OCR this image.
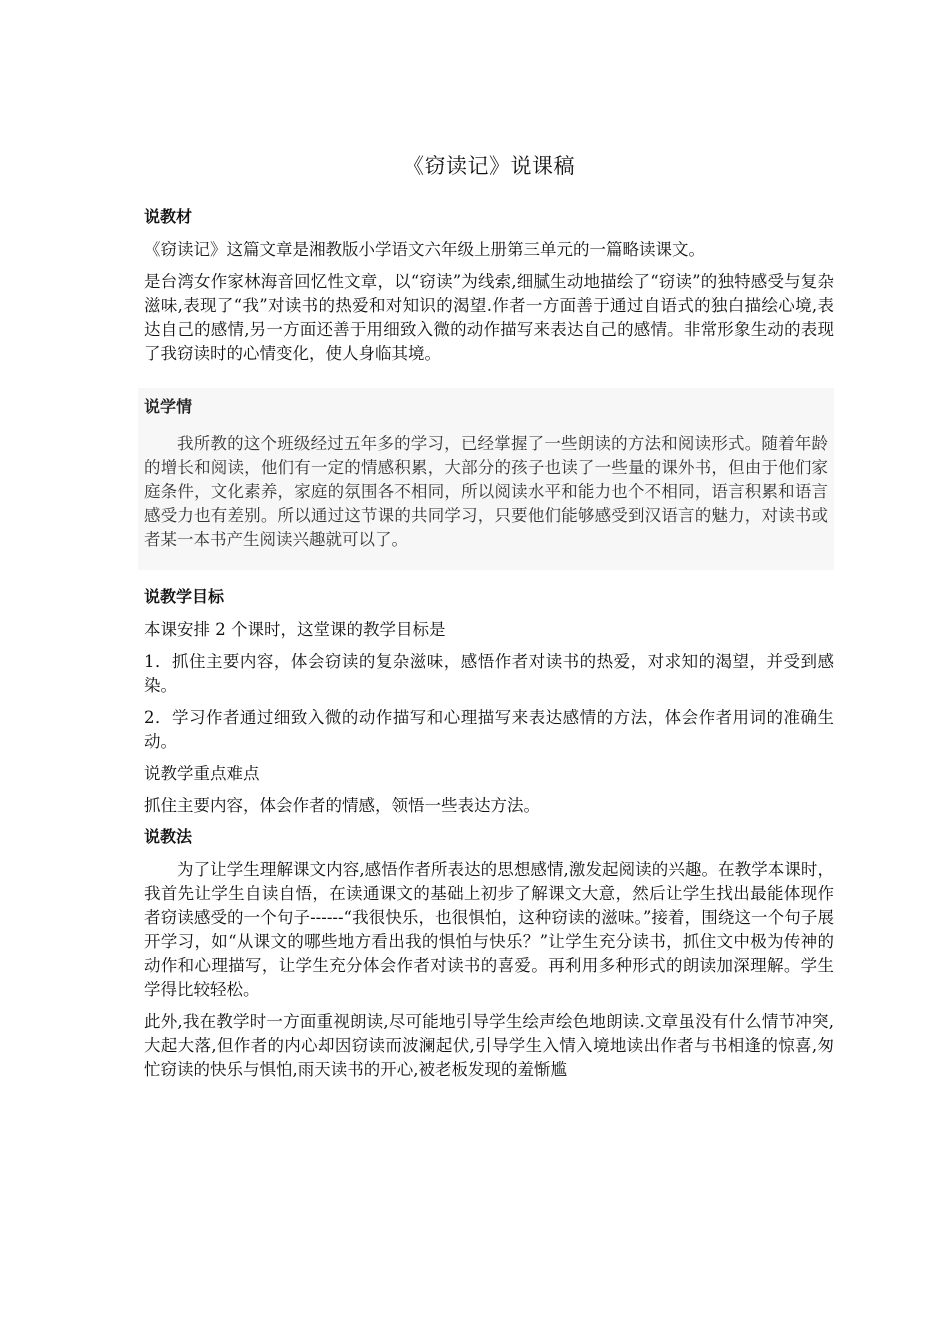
《窃读记》说课稿
说教材

《窃读记》这篇文章是湘教版小学语文六年级上册第三单元的一篇略读课文。

是台湾女作家林海音回忆性文章，以“窃读”为线索,细腻生动地描绘了“窃读”的独特感受与复杂滋味,表现了“我”对读书的热爱和对知识的渴望.作者一方面善于通过自语式的独白描绘心境,表达自己的感情,另一方面还善于用细致入微的动作描写来表达自己的感情。非常形象生动的表现了我窃读时的心情变化，使人身临其境。

说学情

我所教的这个班级经过五年多的学习，已经掌握了一些朗读的方法和阅读形式。随着年龄的增长和阅读，他们有一定的情感积累，大部分的孩子也读了一些量的课外书，但由于他们家庭条件，文化素养，家庭的氛围各不相同，所以阅读水平和能力也个不相同，语言积累和语言感受力也有差别。所以通过这节课的共同学习，只要他们能够感受到汉语言的魅力，对读书或者某一本书产生阅读兴趣就可以了。

说教学目标

本课安排 2 个课时，这堂课的教学目标是

1．抓住主要内容，体会窃读的复杂滋味，感悟作者对读书的热爱，对求知的渴望，并受到感染。

2．学习作者通过细致入微的动作描写和心理描写来表达感情的方法，体会作者用词的准确生动。

说教学重点难点

抓住主要内容，体会作者的情感，领悟一些表达方法。

说教法

为了让学生理解课文内容,感悟作者所表达的思想感情,激发起阅读的兴趣。在教学本课时，我首先让学生自读自悟，在读通课文的基础上初步了解课文大意，然后让学生找出最能体现作者窃读感受的一个句子------“我很快乐，也很惧怕，这种窃读的滋味。”接着，围绕这一个句子展开学习，如“从课文的哪些地方看出我的惧怕与快乐？”让学生充分读书，抓住文中极为传神的动作和心理描写，让学生充分体会作者对读书的喜爱。再利用多种形式的朗读加深理解。学生学得比较轻松。

此外,我在教学时一方面重视朗读,尽可能地引导学生绘声绘色地朗读.文章虽没有什么情节冲突,大起大落,但作者的内心却因窃读而波澜起伏,引导学生入情入境地读出作者与书相逢的惊喜,匆忙窃读的快乐与惧怕,雨天读书的开心,被老板发现的羞惭尴
